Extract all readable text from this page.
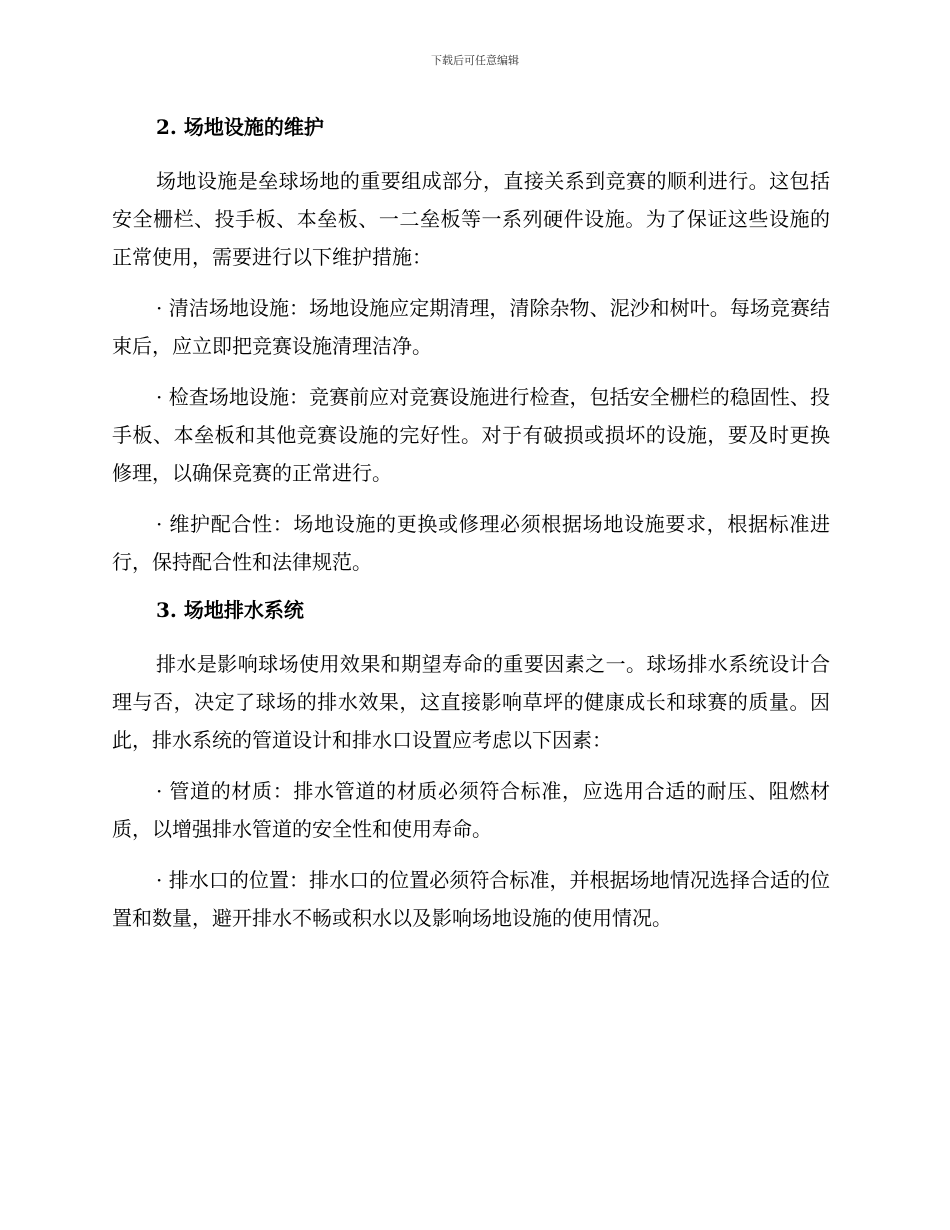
下载后可任意编辑
2. 场地设施的维护

场地设施是垒球场地的重要组成部分，直接关系到竞赛的顺利进行。这包括安全栅栏、投手板、本垒板、一二垒板等一系列硬件设施。为了保证这些设施的正常使用，需要进行以下维护措施：

· 清洁场地设施：场地设施应定期清理，清除杂物、泥沙和树叶。每场竞赛结束后，应立即把竞赛设施清理洁净。

· 检查场地设施：竞赛前应对竞赛设施进行检查，包括安全栅栏的稳固性、投手板、本垒板和其他竞赛设施的完好性。对于有破损或损坏的设施，要及时更换修理，以确保竞赛的正常进行。

· 维护配合性：场地设施的更换或修理必须根据场地设施要求，根据标准进行，保持配合性和法律规范。

3. 场地排水系统

排水是影响球场使用效果和期望寿命的重要因素之一。球场排水系统设计合理与否，决定了球场的排水效果，这直接影响草坪的健康成长和球赛的质量。因此，排水系统的管道设计和排水口设置应考虑以下因素：

· 管道的材质：排水管道的材质必须符合标准，应选用合适的耐压、阻燃材质，以增强排水管道的安全性和使用寿命。

· 排水口的位置：排水口的位置必须符合标准，并根据场地情况选择合适的位置和数量，避开排水不畅或积水以及影响场地设施的使用情况。
